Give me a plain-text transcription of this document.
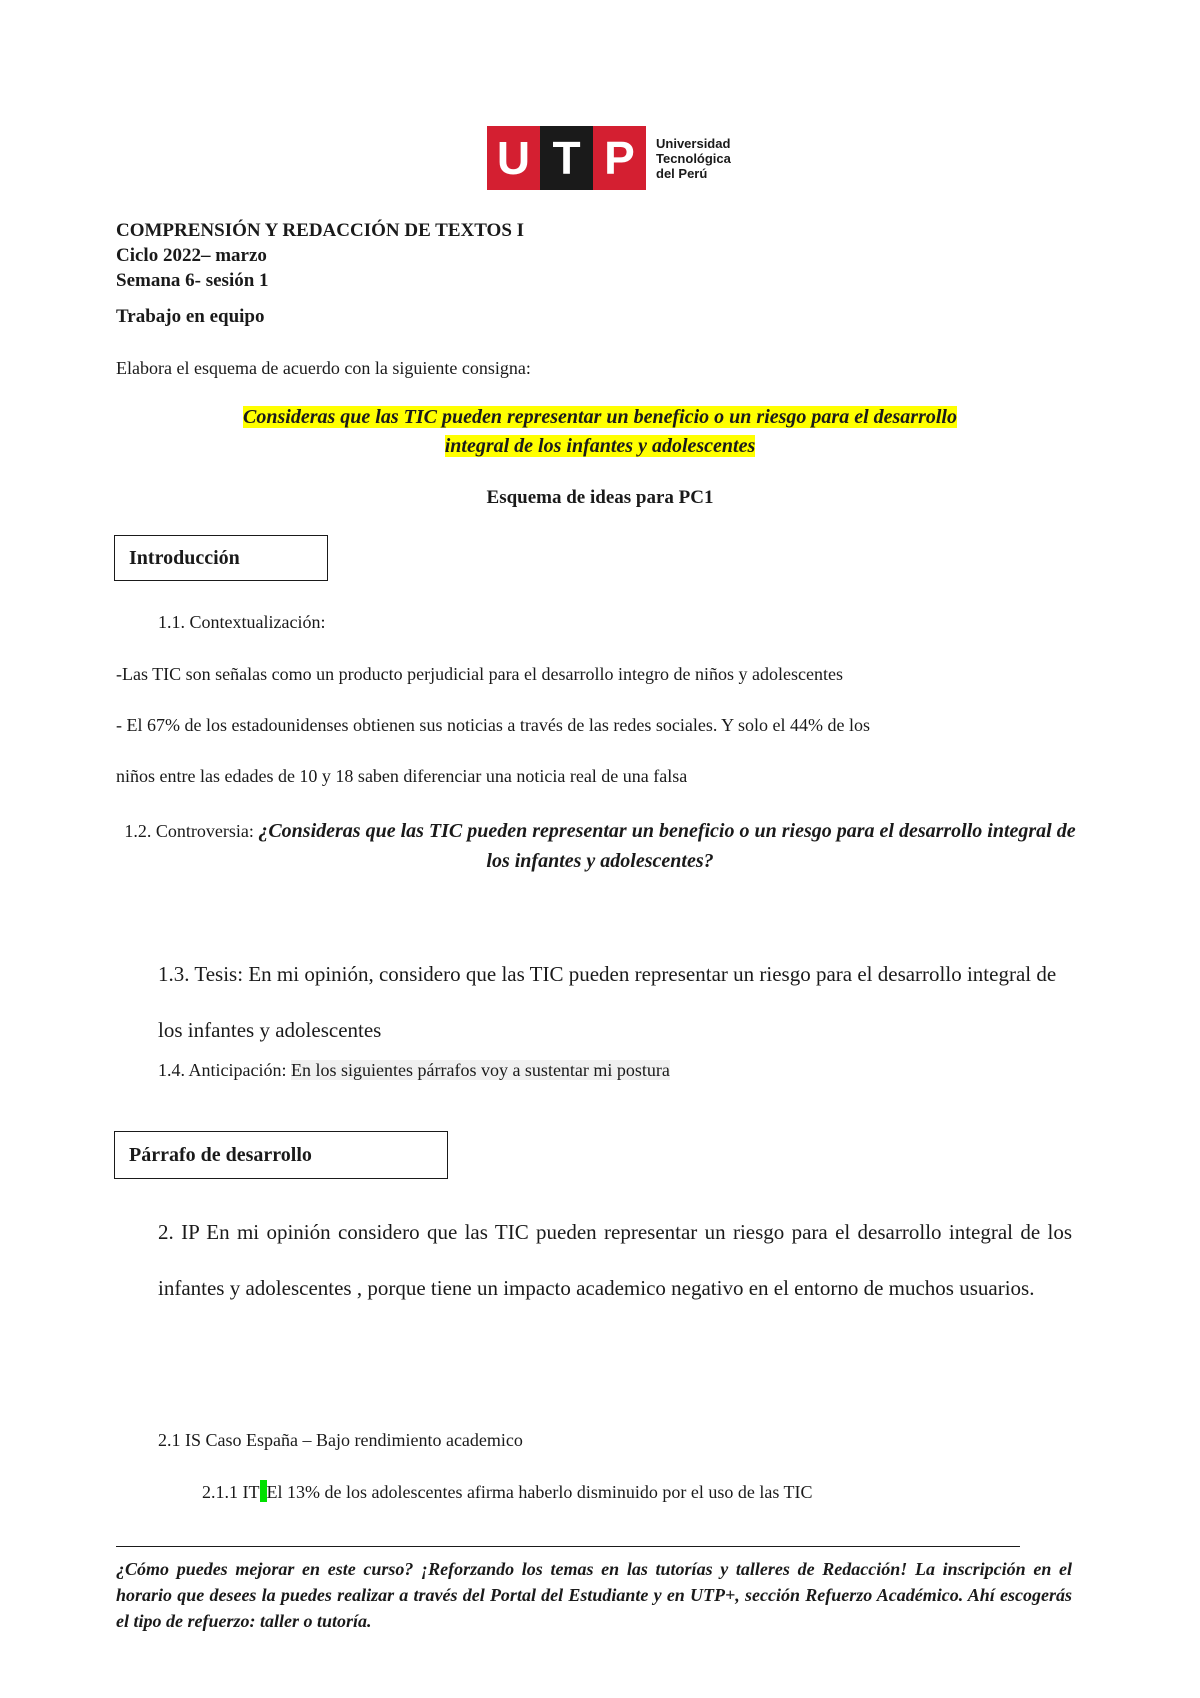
U T P	Universidad
Tecnológica
del Perú
COMPRENSIÓN Y REDACCIÓN DE TEXTOS I
Ciclo 2022– marzo
Semana 6- sesión 1
Trabajo en equipo
Elabora el esquema de acuerdo con la siguiente consigna:
Consideras que las TIC pueden representar un beneficio o un riesgo para el desarrollo
integral de los infantes y adolescentes
Esquema de ideas para PC1
Introducción
1.1. Contextualización:
-Las TIC son señalas como un producto perjudicial para el desarrollo integro de niños y adolescentes
- El 67% de los estadounidenses obtienen sus noticias a través de las redes sociales. Y solo el 44% de los
niños entre las edades de 10 y 18 saben diferenciar una noticia real de una falsa
1.2. Controversia: ¿Consideras que las TIC pueden representar un beneficio o un riesgo para el desarrollo integral de los infantes y adolescentes?
1.3. Tesis: En mi opinión, considero que las TIC pueden representar un riesgo para el desarrollo integral de los infantes y adolescentes
1.4. Anticipación: En los siguientes párrafos voy a sustentar mi postura
Párrafo de desarrollo
2. IP En mi opinión considero que las TIC pueden representar un riesgo para el desarrollo integral de los infantes y adolescentes , porque tiene un impacto academico negativo en el entorno de muchos usuarios.
2.1 IS Caso España – Bajo rendimiento academico
2.1.1 IT El 13% de los adolescentes afirma haberlo disminuido por el uso de las TIC
¿Cómo puedes mejorar en este curso? ¡Reforzando los temas en las tutorías y talleres de Redacción! La inscripción en el horario que desees la puedes realizar a través del Portal del Estudiante y en UTP+, sección Refuerzo Académico. Ahí escogerás el tipo de refuerzo: taller o tutoría.
